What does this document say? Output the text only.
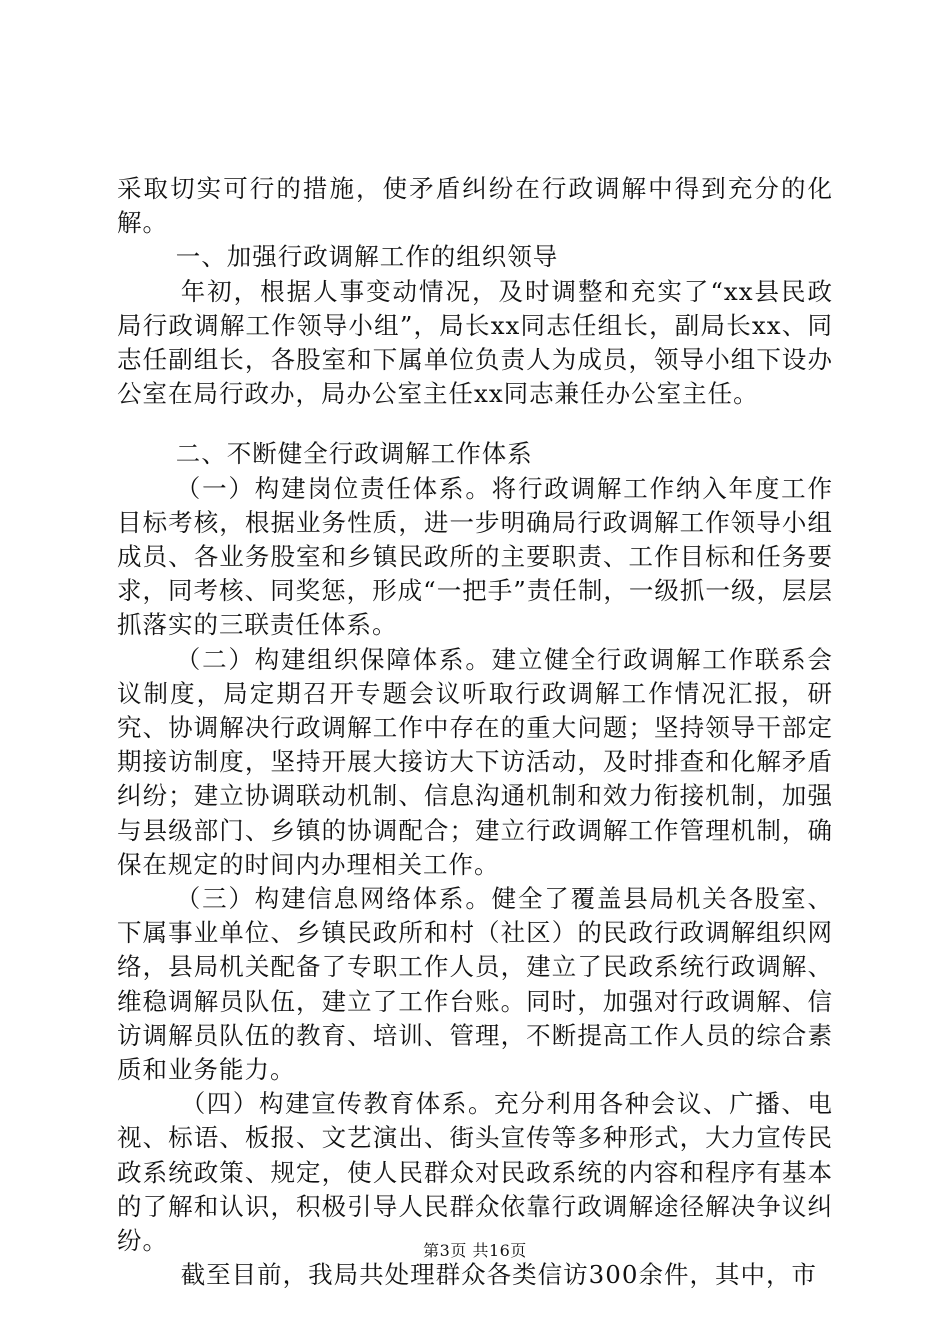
采取切实可行的措施，使矛盾纠纷在行政调解中得到充分的化解。

一、加强行政调解工作的组织领导

年初，根据人事变动情况，及时调整和充实了“xx县民政局行政调解工作领导小组”，局长xx同志任组长，副局长xx、同志任副组长，各股室和下属单位负责人为成员，领导小组下设办公室在局行政办，局办公室主任xx同志兼任办公室主任。

二、不断健全行政调解工作体系

（一）构建岗位责任体系。将行政调解工作纳入年度工作目标考核，根据业务性质，进一步明确局行政调解工作领导小组成员、各业务股室和乡镇民政所的主要职责、工作目标和任务要求，同考核、同奖惩，形成“一把手”责任制，一级抓一级，层层抓落实的三联责任体系。

（二）构建组织保障体系。建立健全行政调解工作联系会议制度，局定期召开专题会议听取行政调解工作情况汇报，研究、协调解决行政调解工作中存在的重大问题；坚持领导干部定期接访制度，坚持开展大接访大下访活动，及时排查和化解矛盾纠纷；建立协调联动机制、信息沟通机制和效力衔接机制，加强与县级部门、乡镇的协调配合；建立行政调解工作管理机制，确保在规定的时间内办理相关工作。

（三）构建信息网络体系。健全了覆盖县局机关各股室、下属事业单位、乡镇民政所和村（社区）的民政行政调解组织网络，县局机关配备了专职工作人员，建立了民政系统行政调解、维稳调解员队伍，建立了工作台账。同时，加强对行政调解、信访调解员队伍的教育、培训、管理，不断提高工作人员的综合素质和业务能力。

（四）构建宣传教育体系。充分利用各种会议、广播、电视、标语、板报、文艺演出、街头宣传等多种形式，大力宣传民政系统政策、规定，使人民群众对民政系统的内容和程序有基本的了解和认识，积极引导人民群众依靠行政调解途径解决争议纠纷。

截至目前，我局共处理群众各类信访300余件，其中，市

第3页 共16页
